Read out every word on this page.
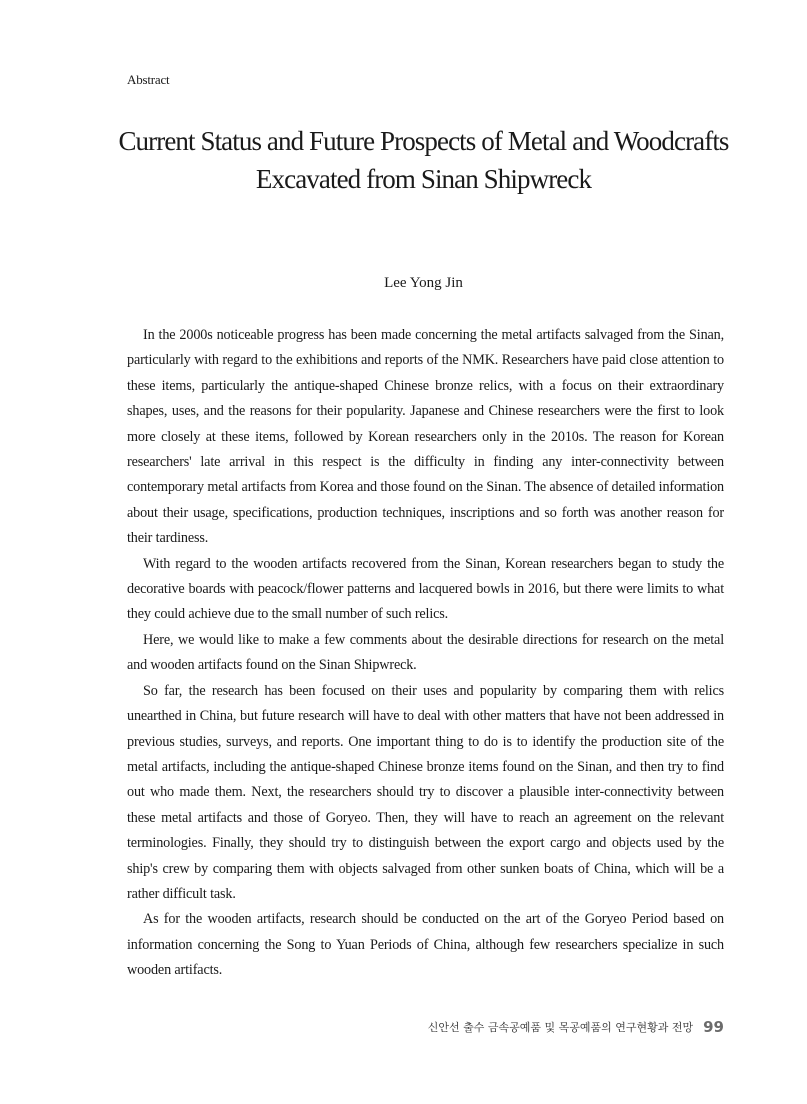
Abstract
Current Status and Future Prospects of Metal and Woodcrafts
Excavated from Sinan Shipwreck
Lee Yong Jin

In the 2000s noticeable progress has been made concerning the metal artifacts salvaged from the Sinan, particularly with regard to the exhibitions and reports of the NMK. Researchers have paid close attention to these items, particularly the antique-shaped Chinese bronze relics, with a focus on their extraordinary shapes, uses, and the reasons for their popularity. Japanese and Chinese researchers were the first to look more closely at these items, followed by Korean researchers only in the 2010s. The reason for Korean researchers' late arrival in this respect is the difficulty in finding any inter-connectivity between contemporary metal artifacts from Korea and those found on the Sinan. The absence of detailed information about their usage, specifications, production techniques, inscriptions and so forth was another reason for their tardiness.

With regard to the wooden artifacts recovered from the Sinan, Korean researchers began to study the decorative boards with peacock/flower patterns and lacquered bowls in 2016, but there were limits to what they could achieve due to the small number of such relics.

Here, we would like to make a few comments about the desirable directions for research on the metal and wooden artifacts found on the Sinan Shipwreck.

So far, the research has been focused on their uses and popularity by comparing them with relics unearthed in China, but future research will have to deal with other matters that have not been addressed in previous studies, surveys, and reports. One important thing to do is to identify the production site of the metal artifacts, including the antique-shaped Chinese bronze items found on the Sinan, and then try to find out who made them. Next, the researchers should try to discover a plausible inter-connectivity between these metal artifacts and those of Goryeo. Then, they will have to reach an agreement on the relevant terminologies. Finally, they should try to distinguish between the export cargo and objects used by the ship's crew by comparing them with objects salvaged from other sunken boats of China, which will be a rather difficult task.

As for the wooden artifacts, research should be conducted on the art of the Goryeo Period based on information concerning the Song to Yuan Periods of China, although few researchers specialize in such wooden artifacts.

신안선 출수 금속공예품 및 목공예품의 연구현황과 전망 99
